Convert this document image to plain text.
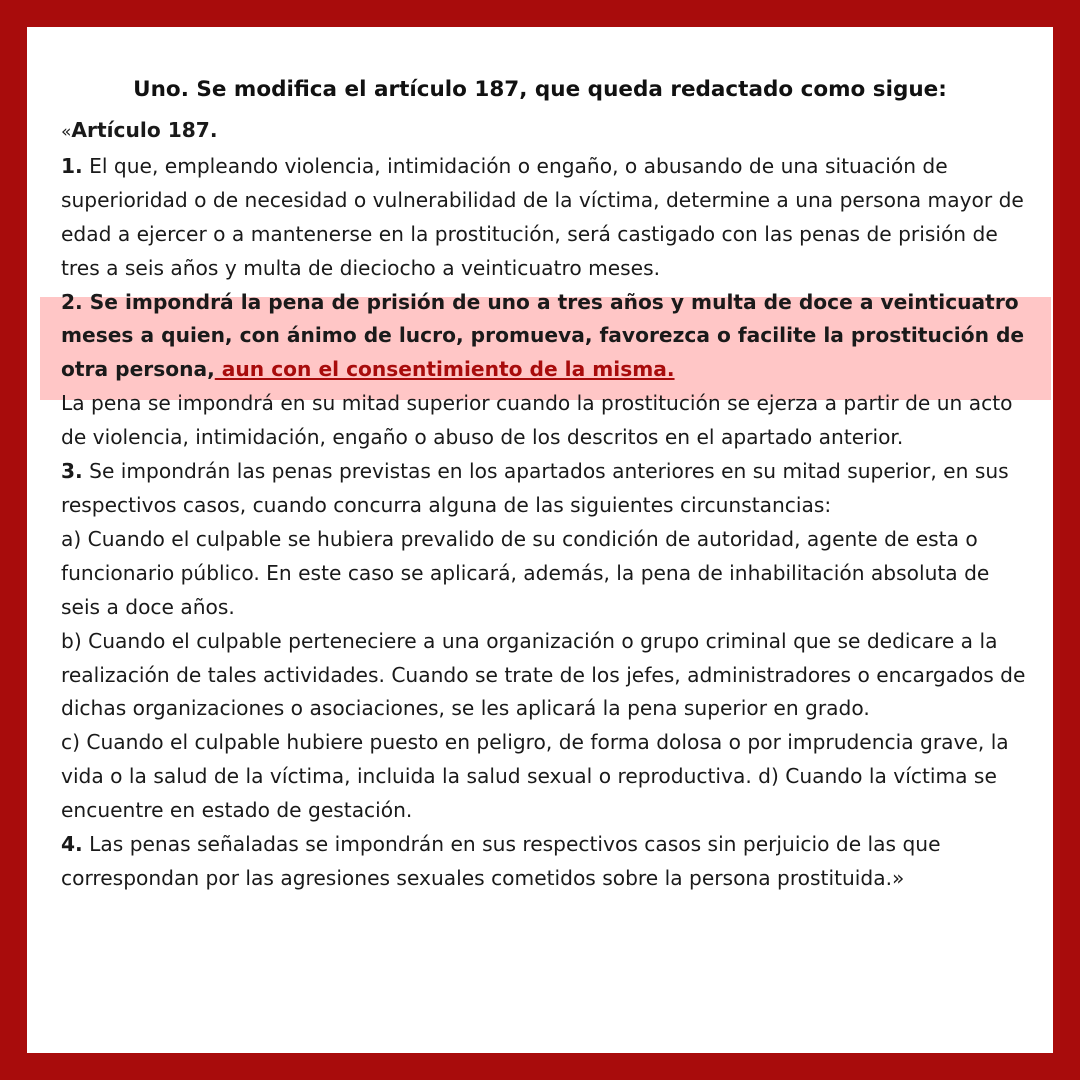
Uno. Se modifica el artículo 187, que queda redactado como sigue:

«Artículo 187.

1. El que, empleando violencia, intimidación o engaño, o abusando de una situación de superioridad o de necesidad o vulnerabilidad de la víctima, determine a una persona mayor de edad a ejercer o a mantenerse en la prostitución, será castigado con las penas de prisión de tres a seis años y multa de dieciocho a veinticuatro meses.

2. Se impondrá la pena de prisión de uno a tres años y multa de doce a veinticuatro meses a quien, con ánimo de lucro, promueva, favorezca o facilite la prostitución de otra persona, aun con el consentimiento de la misma.

La pena se impondrá en su mitad superior cuando la prostitución se ejerza a partir de un acto de violencia, intimidación, engaño o abuso de los descritos en el apartado anterior.

3. Se impondrán las penas previstas en los apartados anteriores en su mitad superior, en sus respectivos casos, cuando concurra alguna de las siguientes circunstancias:

a) Cuando el culpable se hubiera prevalido de su condición de autoridad, agente de esta o funcionario público. En este caso se aplicará, además, la pena de inhabilitación absoluta de seis a doce años.

b) Cuando el culpable perteneciere a una organización o grupo criminal que se dedicare a la realización de tales actividades. Cuando se trate de los jefes, administradores o encargados de dichas organizaciones o asociaciones, se les aplicará la pena superior en grado.

c) Cuando el culpable hubiere puesto en peligro, de forma dolosa o por imprudencia grave, la vida o la salud de la víctima, incluida la salud sexual o reproductiva. d) Cuando la víctima se encuentre en estado de gestación.

4. Las penas señaladas se impondrán en sus respectivos casos sin perjuicio de las que correspondan por las agresiones sexuales cometidos sobre la persona prostituida.»
